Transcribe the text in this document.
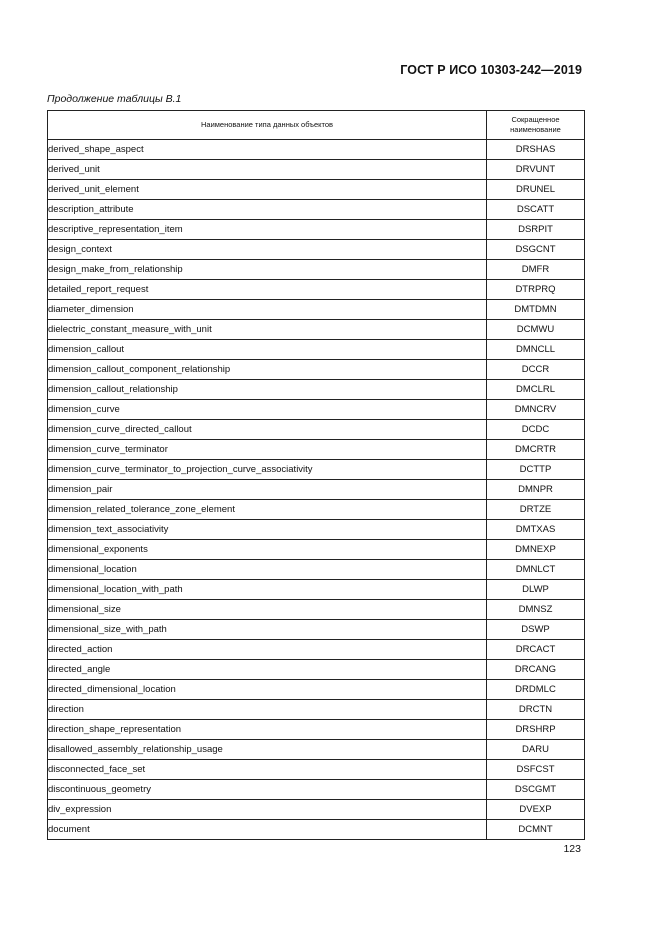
ГОСТ Р ИСО 10303-242—2019
Продолжение таблицы В.1
Наименование типа данных объектов	Сокращенное наименование
derived_shape_aspect	DRSHAS
derived_unit	DRVUNT
derived_unit_element	DRUNEL
description_attribute	DSCATT
descriptive_representation_item	DSRPIT
design_context	DSGCNT
design_make_from_relationship	DMFR
detailed_report_request	DTRPRQ
diameter_dimension	DMTDMN
dielectric_constant_measure_with_unit	DCMWU
dimension_callout	DMNCLL
dimension_callout_component_relationship	DCCR
dimension_callout_relationship	DMCLRL
dimension_curve	DMNCRV
dimension_curve_directed_callout	DCDC
dimension_curve_terminator	DMCRTR
dimension_curve_terminator_to_projection_curve_associativity	DCTTP
dimension_pair	DMNPR
dimension_related_tolerance_zone_element	DRTZE
dimension_text_associativity	DMTXAS
dimensional_exponents	DMNEXP
dimensional_location	DMNLCT
dimensional_location_with_path	DLWP
dimensional_size	DMNSZ
dimensional_size_with_path	DSWP
directed_action	DRCACT
directed_angle	DRCANG
directed_dimensional_location	DRDMLC
direction	DRCTN
direction_shape_representation	DRSHRP
disallowed_assembly_relationship_usage	DARU
disconnected_face_set	DSFCST
discontinuous_geometry	DSCGMT
div_expression	DVEXP
document	DCMNT
123
